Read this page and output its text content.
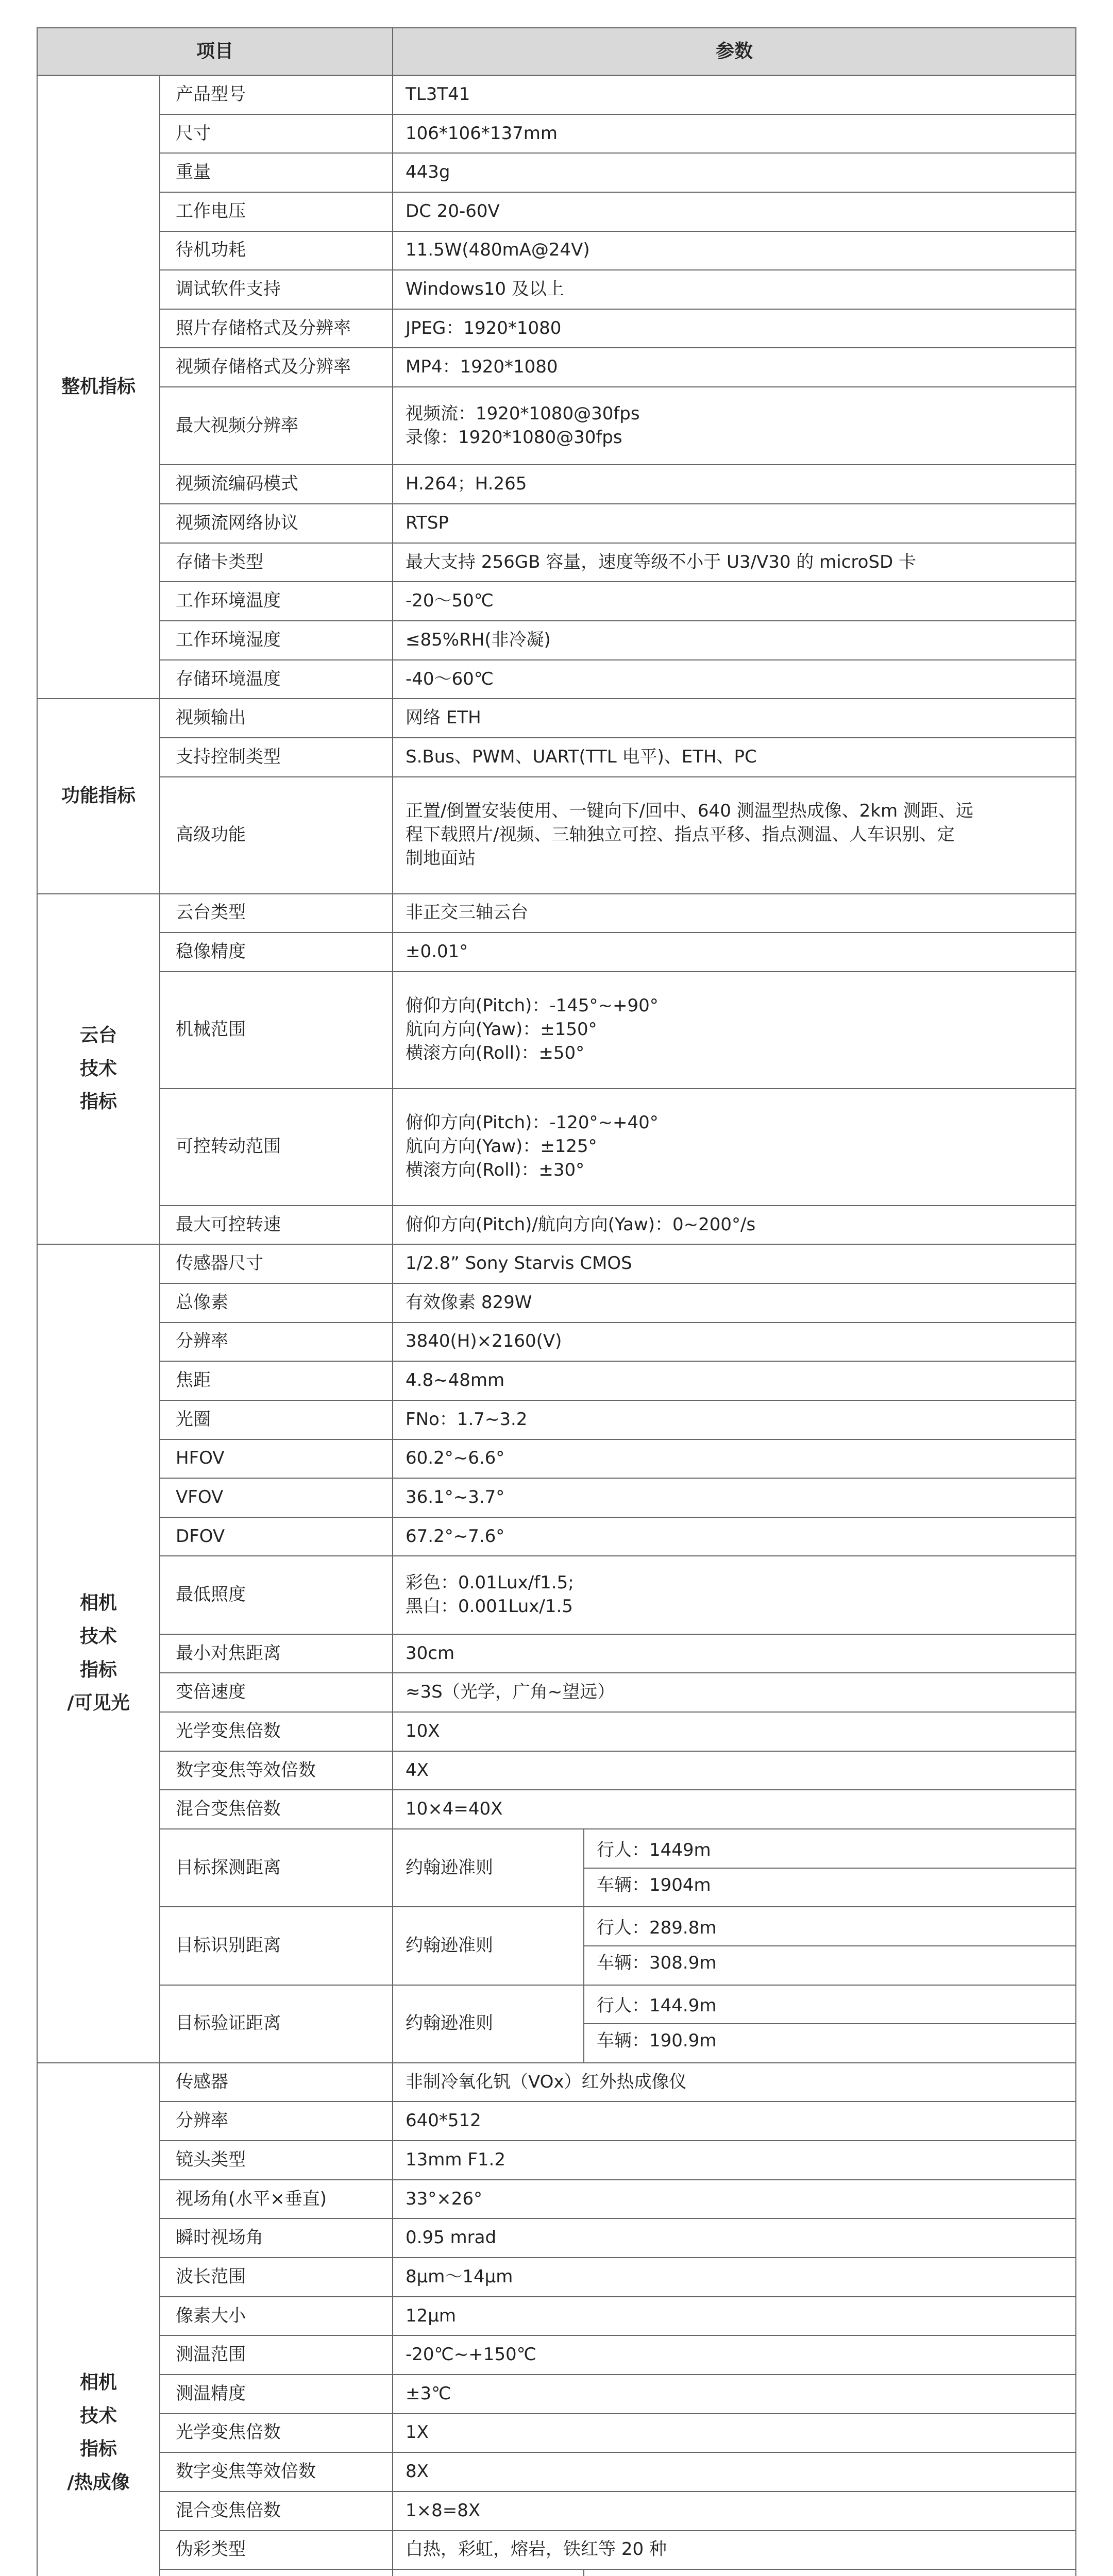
项目		参数	

整机指标	产品型号	TL3T41	

	尺寸	106*106*137mm	

	重量	443g	

	工作电压	DC 20-60V	

	待机功耗	11.5W(480mA@24V)	

	调试软件支持	Windows10 及以上	

	照片存储格式及分辨率	JPEG：1920*1080	

	视频存储格式及分辨率	MP4：1920*1080	

	最大视频分辨率	视频流：1920*1080@30fps
录像：1920*1080@30fps	

	视频流编码模式	H.264；H.265	

	视频流网络协议	RTSP	

	存储卡类型	最大支持 256GB 容量，速度等级不小于 U3/V30 的 microSD 卡	

	工作环境温度	-20～50℃	

	工作环境湿度	≤85%RH(非冷凝)	

	存储环境温度	-40～60℃	

功能指标	视频输出	网络 ETH	

	支持控制类型	S.Bus、PWM、UART(TTL 电平)、ETH、PC	

	高级功能	正置/倒置安装使用、一键向下/回中、640 测温型热成像、2km 测距、远
程下载照片/视频、三轴独立可控、指点平移、指点测温、人车识别、定
制地面站	

云台
技术
指标	云台类型	非正交三轴云台	

	稳像精度	±0.01°	

	机械范围	俯仰方向(Pitch)：-145°~+90°
航向方向(Yaw)：±150°
横滚方向(Roll)：±50°	

	可控转动范围	俯仰方向(Pitch)：-120°~+40°
航向方向(Yaw)：±125°
横滚方向(Roll)：±30°	

	最大可控转速	俯仰方向(Pitch)/航向方向(Yaw)：0~200°/s	

相机
技术
指标
/可见光	传感器尺寸	1/2.8” Sony Starvis CMOS	

	总像素	有效像素 829W	

	分辨率	3840(H)×2160(V)	

	焦距	4.8~48mm	

	光圈	FNo：1.7~3.2	

	HFOV	60.2°~6.6°	

	VFOV	36.1°~3.7°	

	DFOV	67.2°~7.6°	

	最低照度	彩色：0.01Lux/f1.5;
黑白：0.001Lux/1.5	

	最小对焦距离	30cm	

	变倍速度	≈3S（光学，广角~望远）	

	光学变焦倍数	10X	

	数字变焦等效倍数	4X	

	混合变焦倍数	10×4=40X	

	目标探测距离	约翰逊准则	行人：1449m
车辆：1904m

	目标识别距离	约翰逊准则	行人：289.8m
车辆：308.9m

	目标验证距离	约翰逊准则	行人：144.9m
车辆：190.9m

相机
技术
指标
/热成像	传感器	非制冷氧化钒（VOx）红外热成像仪	

	分辨率	640*512	

	镜头类型	13mm F1.2	

	视场角(水平×垂直)	33°×26°	

	瞬时视场角	0.95 mrad	

	波长范围	8μm～14μm	

	像素大小	12μm	

	测温范围	-20℃~+150℃	

	测温精度	±3℃	

	光学变焦倍数	1X	

	数字变焦等效倍数	8X	

	混合变焦倍数	1×8=8X	

	伪彩类型	白热，彩虹，熔岩，铁红等 20 种	
